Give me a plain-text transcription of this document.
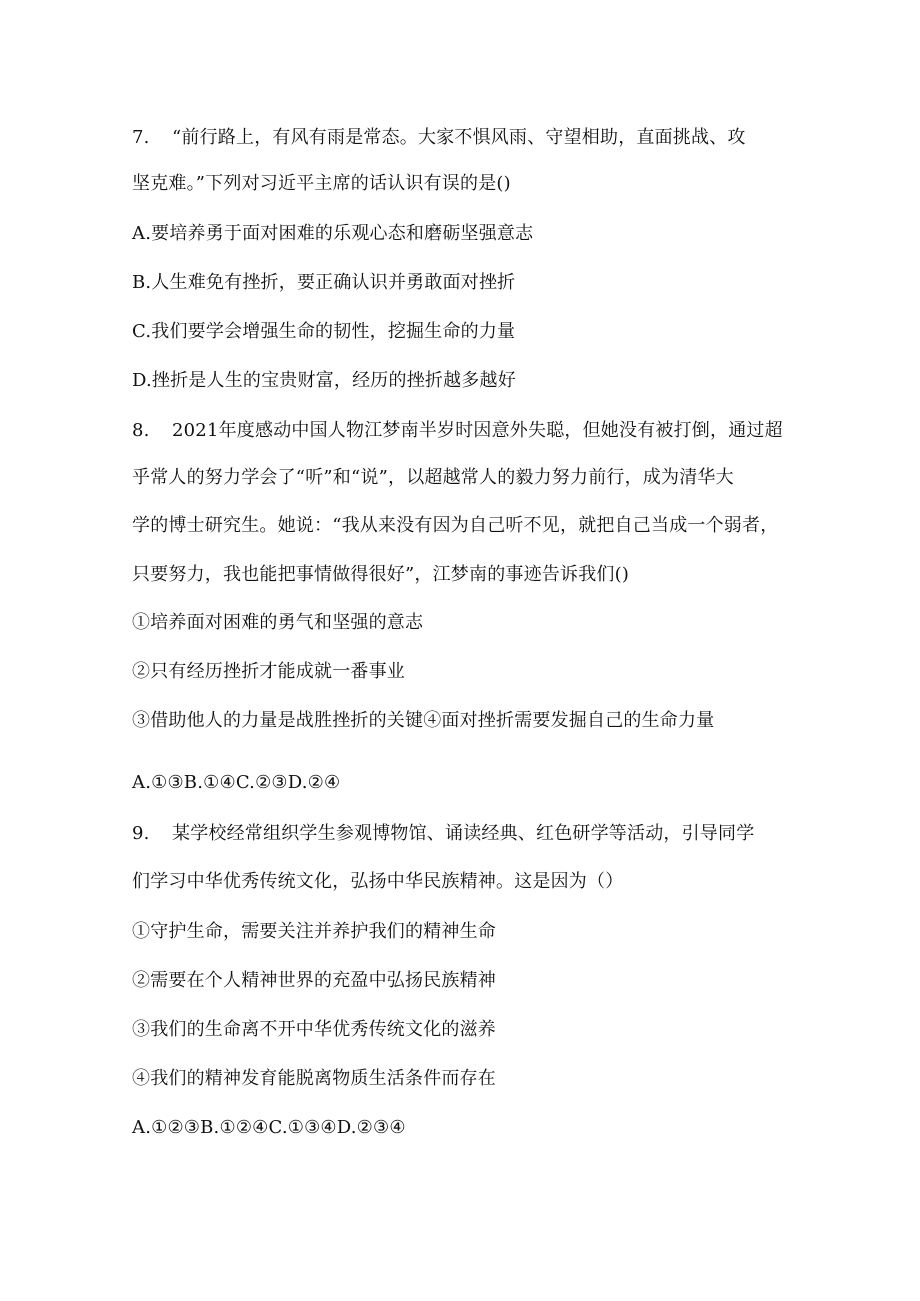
7. “前行路上，有风有雨是常态。大家不惧风雨、守望相助，直面挑战、攻
坚克难。”下列对习近平主席的话认识有误的是()
A.要培养勇于面对困难的乐观心态和磨砺坚强意志
B.人生难免有挫折，要正确认识并勇敢面对挫折
C.我们要学会增强生命的韧性，挖掘生命的力量
D.挫折是人生的宝贵财富，经历的挫折越多越好
8. 2021年度感动中国人物江梦南半岁时因意外失聪，但她没有被打倒，通过超
乎常人的努力学会了“听”和“说”，以超越常人的毅力努力前行，成为清华大
学的博士研究生。她说：“我从来没有因为自己听不见，就把自己当成一个弱者，
只要努力，我也能把事情做得很好”，江梦南的事迹告诉我们()
①培养面对困难的勇气和坚强的意志
②只有经历挫折才能成就一番事业
③借助他人的力量是战胜挫折的关键④面对挫折需要发掘自己的生命力量
A.①③B.①④C.②③D.②④
9. 某学校经常组织学生参观博物馆、诵读经典、红色研学等活动，引导同学
们学习中华优秀传统文化，弘扬中华民族精神。这是因为（）
①守护生命，需要关注并养护我们的精神生命
②需要在个人精神世界的充盈中弘扬民族精神
③我们的生命离不开中华优秀传统文化的滋养
④我们的精神发育能脱离物质生活条件而存在
A.①②③B.①②④C.①③④D.②③④
